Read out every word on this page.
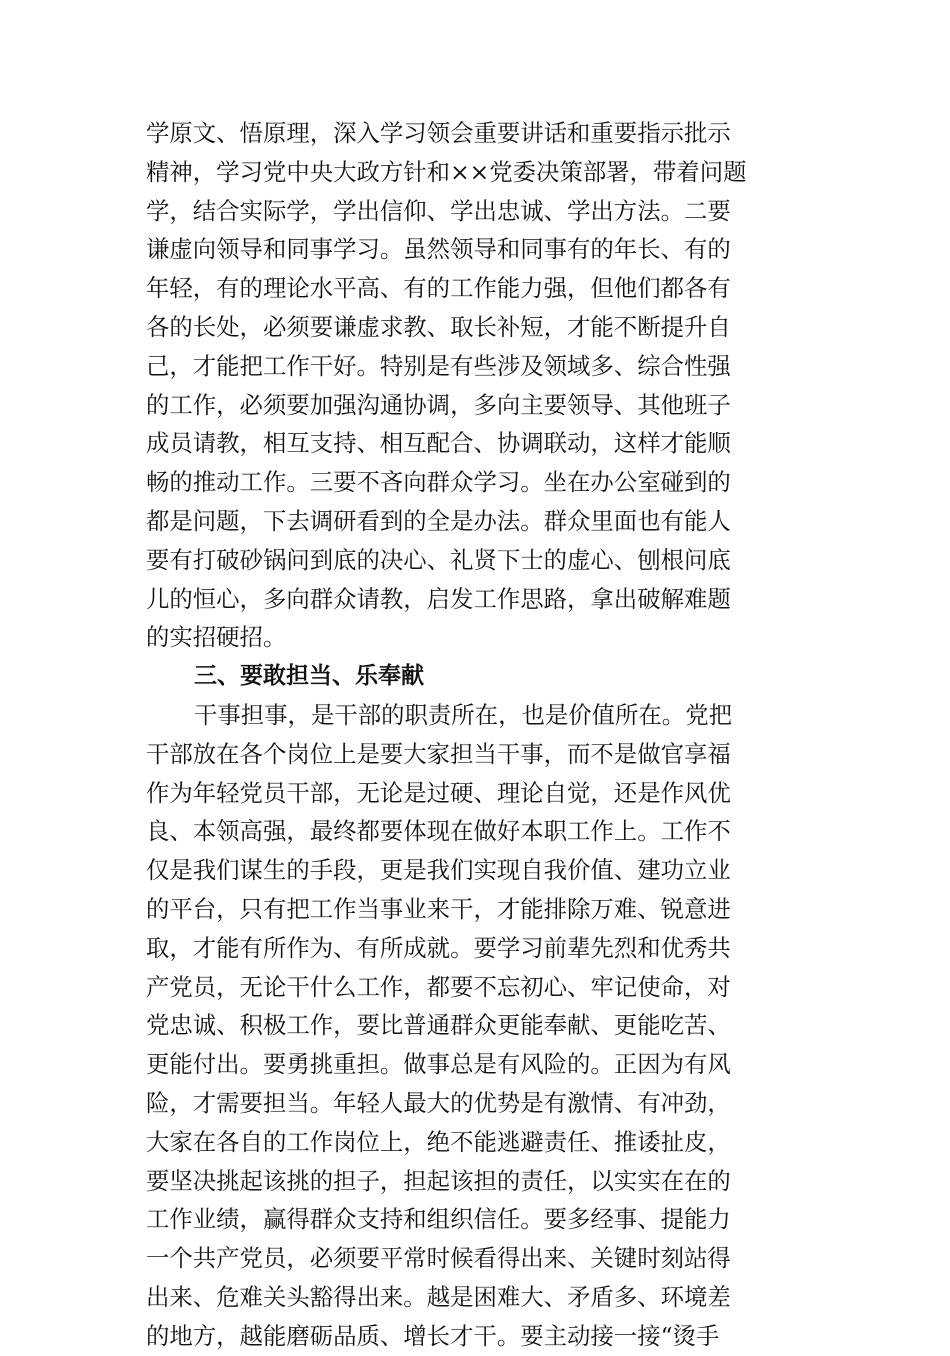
学原文、悟原理，深入学习领会重要讲话和重要指示批示
精神，学习党中央大政方针和××党委决策部署，带着问题
学，结合实际学，学出信仰、学出忠诚、学出方法。二要
谦虚向领导和同事学习。虽然领导和同事有的年长、有的
年轻，有的理论水平高、有的工作能力强，但他们都各有
各的长处，必须要谦虚求教、取长补短，才能不断提升自
己，才能把工作干好。特别是有些涉及领域多、综合性强
的工作，必须要加强沟通协调，多向主要领导、其他班子
成员请教，相互支持、相互配合、协调联动，这样才能顺
畅的推动工作。三要不吝向群众学习。坐在办公室碰到的
都是问题，下去调研看到的全是办法。群众里面也有能人
要有打破砂锅问到底的决心、礼贤下士的虚心、刨根问底
儿的恒心，多向群众请教，启发工作思路，拿出破解难题
的实招硬招。
三、要敢担当、乐奉献
干事担事，是干部的职责所在，也是价值所在。党把
干部放在各个岗位上是要大家担当干事，而不是做官享福
作为年轻党员干部，无论是过硬、理论自觉，还是作风优
良、本领高强，最终都要体现在做好本职工作上。工作不
仅是我们谋生的手段，更是我们实现自我价值、建功立业
的平台，只有把工作当事业来干，才能排除万难、锐意进
取，才能有所作为、有所成就。要学习前辈先烈和优秀共
产党员，无论干什么工作，都要不忘初心、牢记使命，对
党忠诚、积极工作，要比普通群众更能奉献、更能吃苦、
更能付出。要勇挑重担。做事总是有风险的。正因为有风
险，才需要担当。年轻人最大的优势是有激情、有冲劲，
大家在各自的工作岗位上，绝不能逃避责任、推诿扯皮，
要坚决挑起该挑的担子，担起该担的责任，以实实在在的
工作业绩，赢得群众支持和组织信任。要多经事、提能力
一个共产党员，必须要平常时候看得出来、关键时刻站得
出来、危难关头豁得出来。越是困难大、矛盾多、环境差
的地方，越能磨砺品质、增长才干。要主动接一接“烫手
